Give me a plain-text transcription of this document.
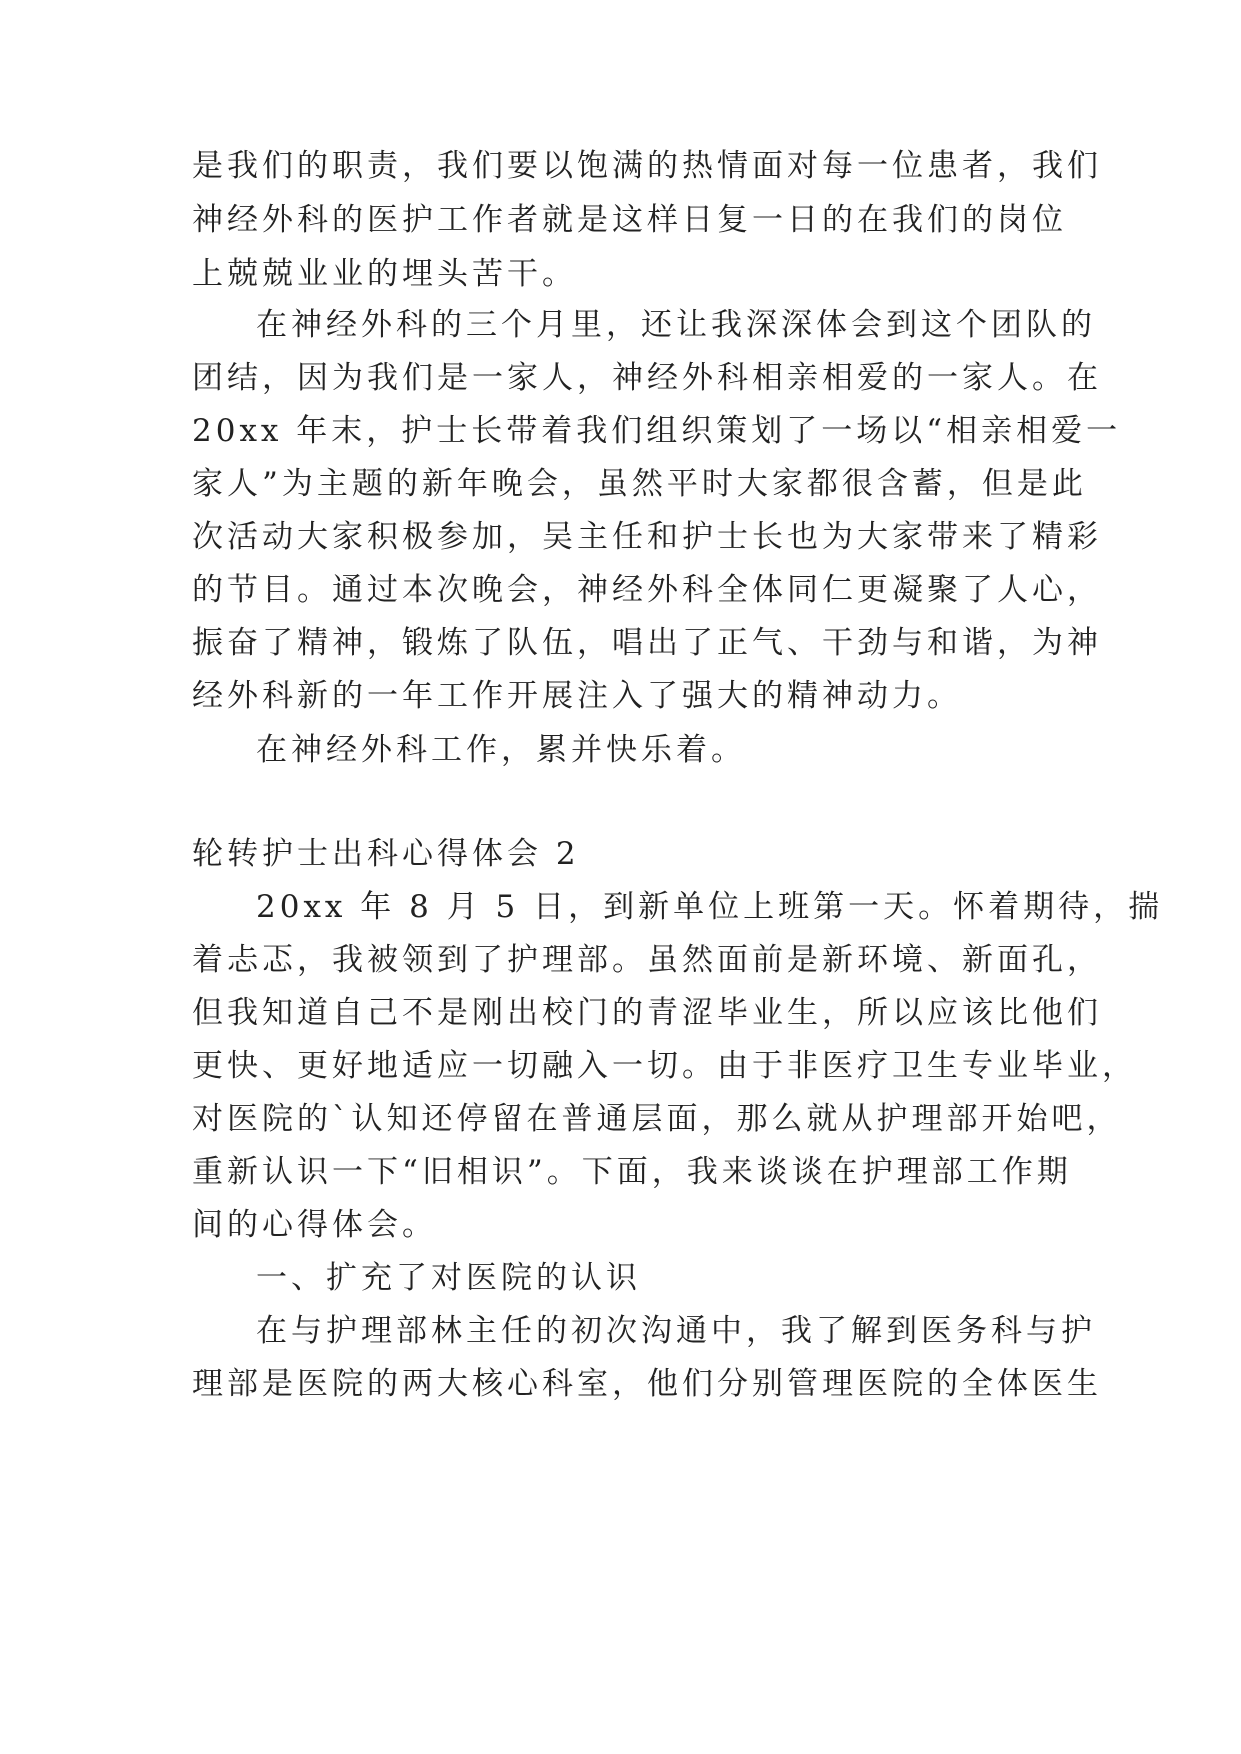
是我们的职责，我们要以饱满的热情面对每一位患者，我们
神经外科的医护工作者就是这样日复一日的在我们的岗位
上兢兢业业的埋头苦干。
在神经外科的三个月里，还让我深深体会到这个团队的
团结，因为我们是一家人，神经外科相亲相爱的一家人。在
20xx 年末，护士长带着我们组织策划了一场以“相亲相爱一
家人”为主题的新年晚会，虽然平时大家都很含蓄，但是此
次活动大家积极参加，吴主任和护士长也为大家带来了精彩
的节目。通过本次晚会，神经外科全体同仁更凝聚了人心，
振奋了精神，锻炼了队伍，唱出了正气、干劲与和谐，为神
经外科新的一年工作开展注入了强大的精神动力。
在神经外科工作，累并快乐着。
轮转护士出科心得体会 2
20xx 年 8 月 5 日，到新单位上班第一天。怀着期待，揣
着忐忑，我被领到了护理部。虽然面前是新环境、新面孔，
但我知道自己不是刚出校门的青涩毕业生，所以应该比他们
更快、更好地适应一切融入一切。由于非医疗卫生专业毕业，
对医院的`认知还停留在普通层面，那么就从护理部开始吧，
重新认识一下“旧相识”。下面，我来谈谈在护理部工作期
间的心得体会。
一、扩充了对医院的认识
在与护理部林主任的初次沟通中，我了解到医务科与护
理部是医院的两大核心科室，他们分别管理医院的全体医生
